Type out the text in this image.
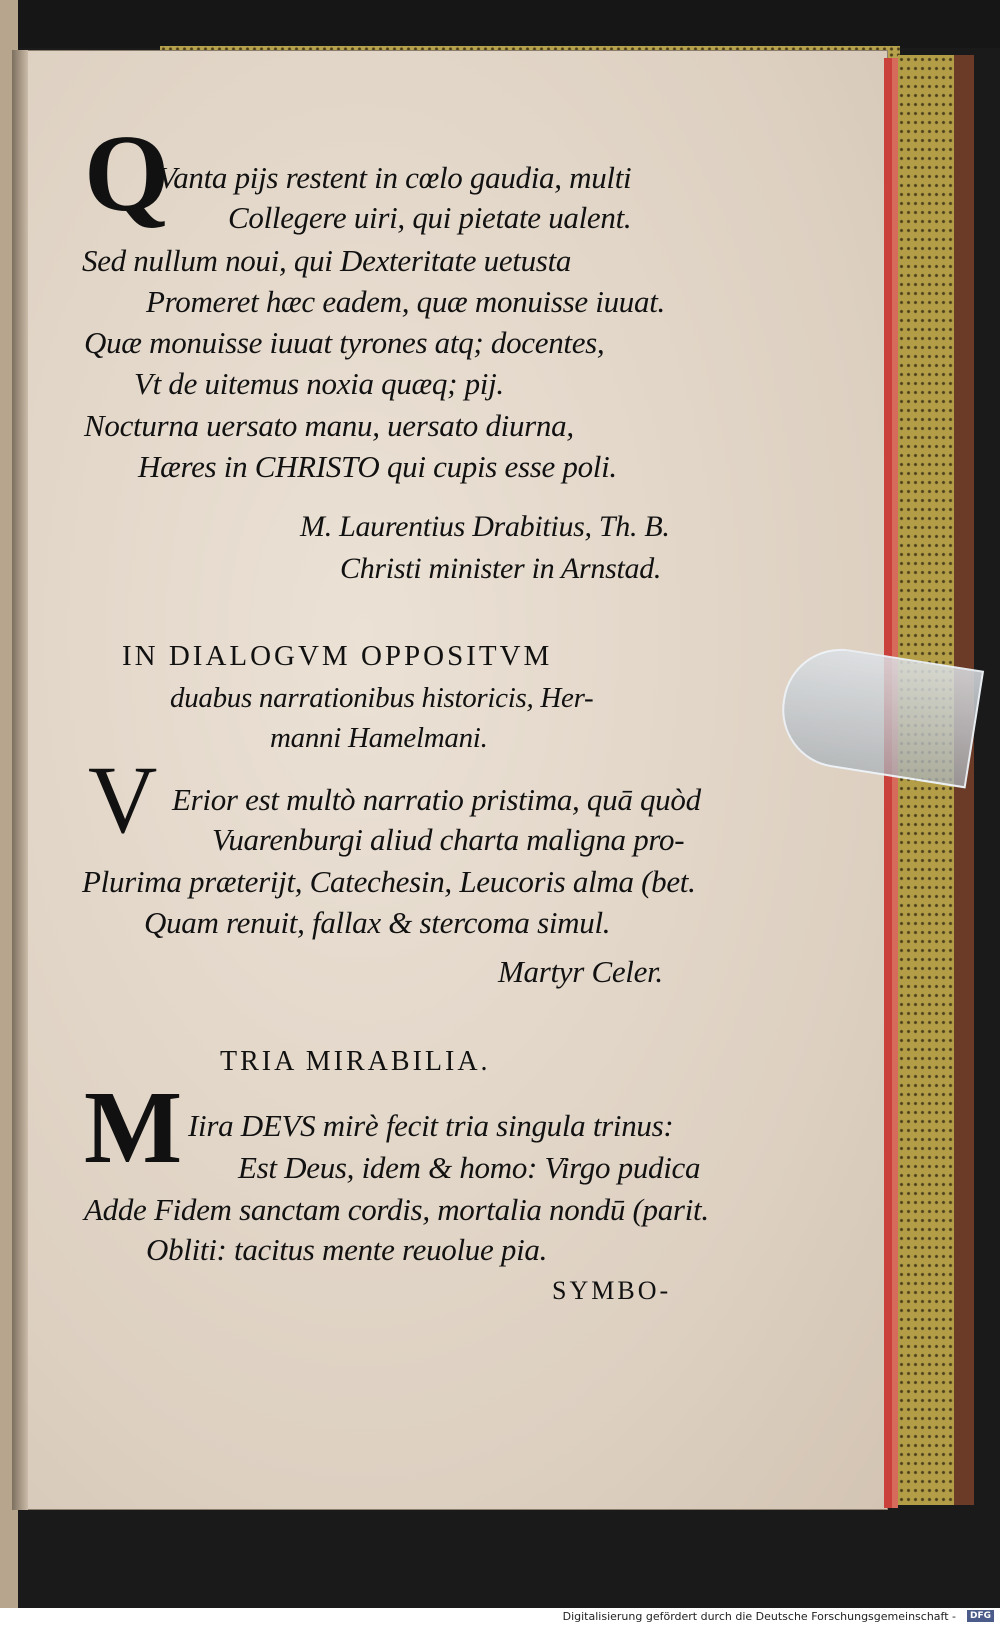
Q
Vanta pijs restent in cœlo gaudia, multi
Collegere uiri, qui pietate ualent.
Sed nullum noui, qui Dexteritate uetusta
Promeret hæc eadem, quæ monuisse iuuat.
Quæ monuisse iuuat tyrones atq; docentes,
Vt de uitemus noxia quæq; pij.
Nocturna uersato manu, uersato diurna,
Hæres in CHRISTO qui cupis esse poli.
M. Laurentius Drabitius, Th. B.
Christi minister in Arnstad.
IN DIALOGVM OPPOSITVM
duabus narrationibus historicis, Her-
manni Hamelmani.
V Erior est multò narratio pristima, quā quòd
Vuarenburgi aliud charta maligna pro-
Plurima præterijt, Catechesin, Leucoris alma (bet.
Quam renuit, fallax & stercoma simul.
Martyr Celer.
TRIA MIRABILIA.
M Iira DEVS mirè fecit tria singula trinus:
Est Deus, idem & homo: Virgo pudica
Adde Fidem sanctam cordis, mortalia nondū (parit.
Obliti: tacitus mente reuolue pia.
SYMBO-
Digitalisierung gefördert durch die Deutsche Forschungsgemeinschaft -	DFG
